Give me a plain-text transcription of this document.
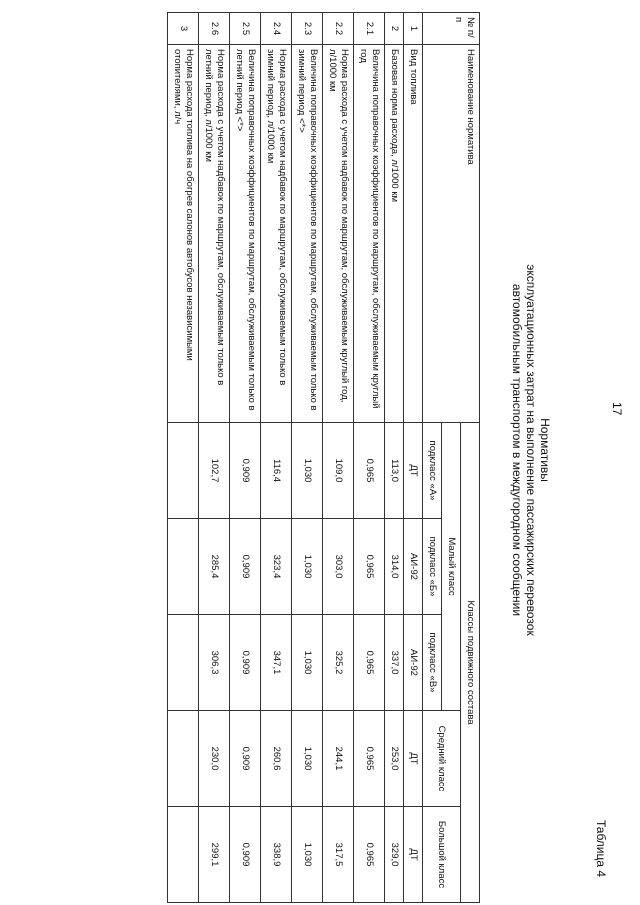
17
Таблица 4
Нормативы
эксплуатационных затрат на выполнение пассажирских перевозок
автомобильным транспортом в междугородном сообщении
№ п/п	Наименование норматива	Классы подвижного состава				
		Малый класс			Средний класс	Большой класс
		подкласс «А»	подкласс «Б»	подкласс «В»		
1	Вид топлива	ДТ	АИ-92	АИ-92	ДТ	ДТ
2	Базовая норма расхода, л/1000 км	113,0	314,0	337,0	253,0	329,0
2.1	Величина поправочных коэффициентов по маршрутам, обслуживаемым круглый год	0,965	0,965	0,965	0,965	0,965
2.2	Норма расхода с учетом надбавок по маршрутам, обслуживаемым круглый год, л/1000 км	109,0	303,0	325,2	244,1	317,5
2.3	Величина поправочных коэффициентов по маршрутам, обслуживаемым только в зимний период <*>	1,030	1,030	1,030	1,030	1,030
2.4	Норма расхода с учетом надбавок по маршрутам, обслуживаемым только в зимний период, л/1000 км	116,4	323,4	347,1	260,6	338,9
2.5	Величина поправочных коэффициентов по маршрутам, обслуживаемым только в летний период <*>	0,909	0,909	0,909	0,909	0,909
2.6	Норма расхода с учетом надбавок по маршрутам, обслуживаемым только в летний период, л/1000 км	102,7	285,4	306,3	230,0	299,1
3	Норма расхода топлива на обогрев салонов автобусов независимыми отопителями, л/ч					
